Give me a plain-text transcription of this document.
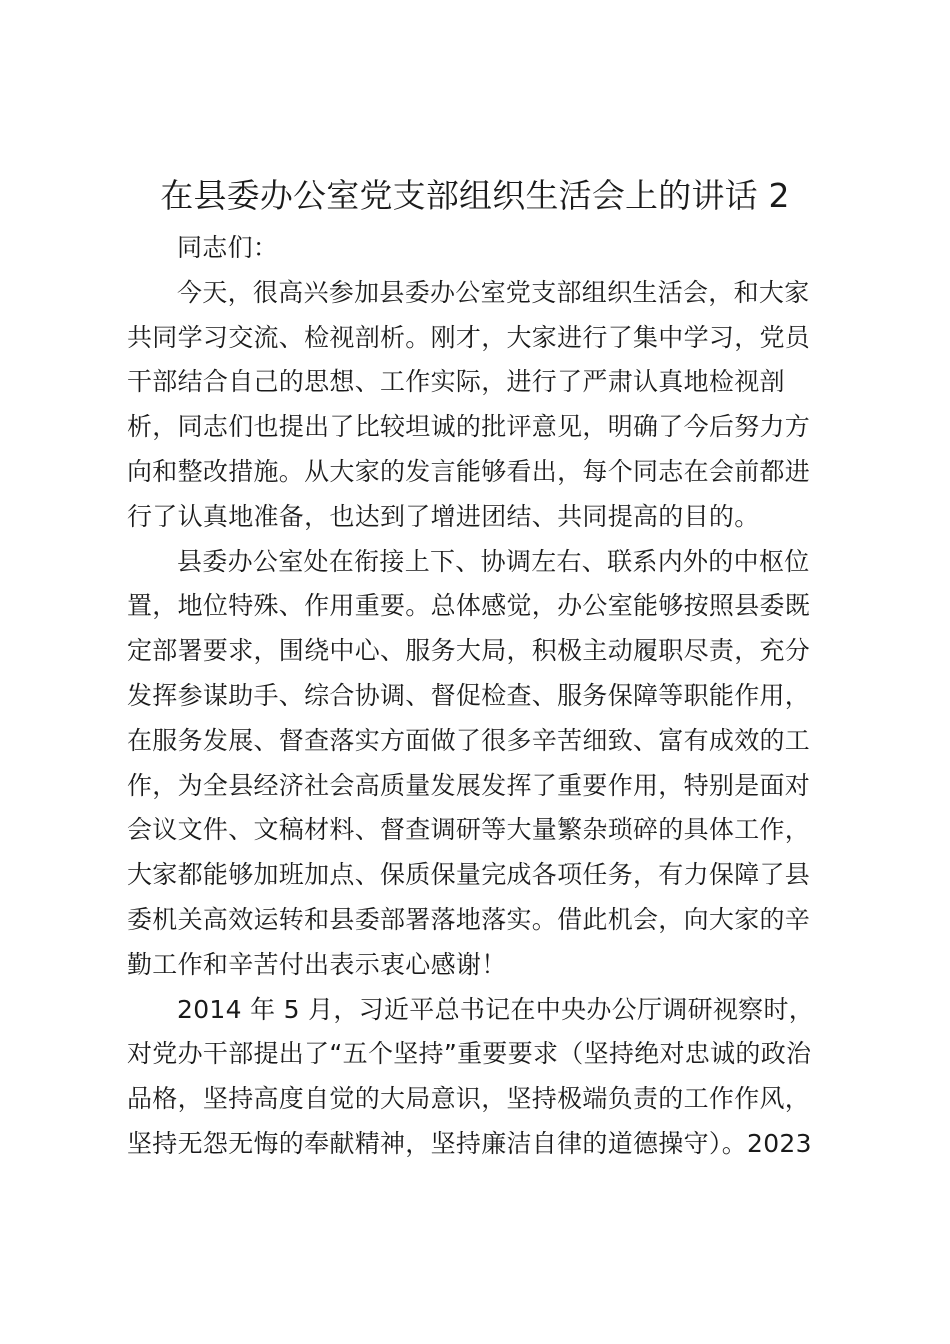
在县委办公室党支部组织生活会上的讲话 2
同志们：
今天，很高兴参加县委办公室党支部组织生活会，和大家
共同学习交流、检视剖析。刚才，大家进行了集中学习，党员
干部结合自己的思想、工作实际，进行了严肃认真地检视剖
析，同志们也提出了比较坦诚的批评意见，明确了今后努力方
向和整改措施。从大家的发言能够看出，每个同志在会前都进
行了认真地准备，也达到了增进团结、共同提高的目的。
县委办公室处在衔接上下、协调左右、联系内外的中枢位
置，地位特殊、作用重要。总体感觉，办公室能够按照县委既
定部署要求，围绕中心、服务大局，积极主动履职尽责，充分
发挥参谋助手、综合协调、督促检查、服务保障等职能作用，
在服务发展、督查落实方面做了很多辛苦细致、富有成效的工
作，为全县经济社会高质量发展发挥了重要作用，特别是面对
会议文件、文稿材料、督查调研等大量繁杂琐碎的具体工作，
大家都能够加班加点、保质保量完成各项任务，有力保障了县
委机关高效运转和县委部署落地落实。借此机会，向大家的辛
勤工作和辛苦付出表示衷心感谢！
2014 年 5 月，习近平总书记在中央办公厅调研视察时，
对党办干部提出了“五个坚持”重要要求（坚持绝对忠诚的政治
品格，坚持高度自觉的大局意识，坚持极端负责的工作作风，
坚持无怨无悔的奉献精神，坚持廉洁自律的道德操守）。2023
